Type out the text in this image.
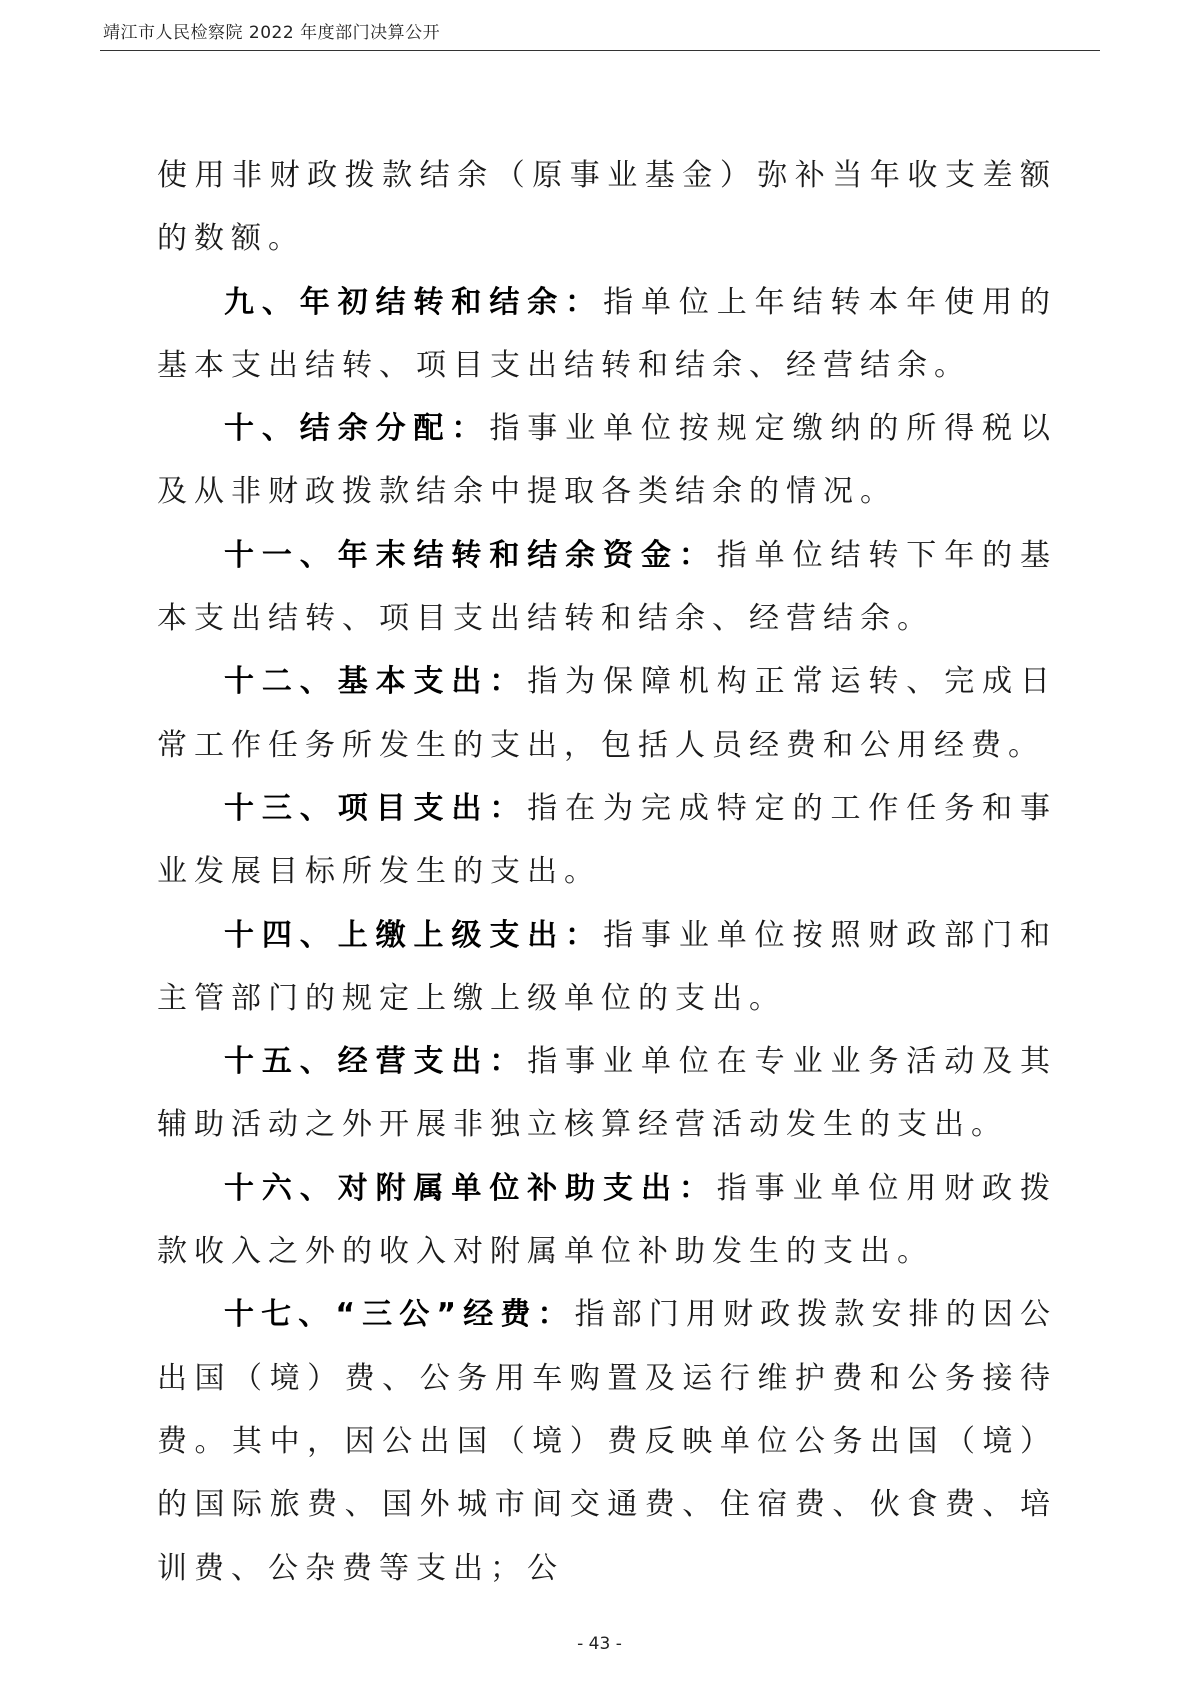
靖江市人民检察院 2022 年度部门决算公开

使用非财政拨款结余（原事业基金）弥补当年收支差额的数额。

九、年初结转和结余：指单位上年结转本年使用的基本支出结转、项目支出结转和结余、经营结余。

十、结余分配：指事业单位按规定缴纳的所得税以及从非财政拨款结余中提取各类结余的情况。

十一、年末结转和结余资金：指单位结转下年的基本支出结转、项目支出结转和结余、经营结余。

十二、基本支出：指为保障机构正常运转、完成日常工作任务所发生的支出，包括人员经费和公用经费。

十三、项目支出：指在为完成特定的工作任务和事业发展目标所发生的支出。

十四、上缴上级支出：指事业单位按照财政部门和主管部门的规定上缴上级单位的支出。

十五、经营支出：指事业单位在专业业务活动及其辅助活动之外开展非独立核算经营活动发生的支出。

十六、对附属单位补助支出：指事业单位用财政拨款收入之外的收入对附属单位补助发生的支出。

十七、“三公”经费：指部门用财政拨款安排的因公出国（境）费、公务用车购置及运行维护费和公务接待费。其中，因公出国（境）费反映单位公务出国（境）的国际旅费、国外城市间交通费、住宿费、伙食费、培训费、公杂费等支出；公

- 43 -
